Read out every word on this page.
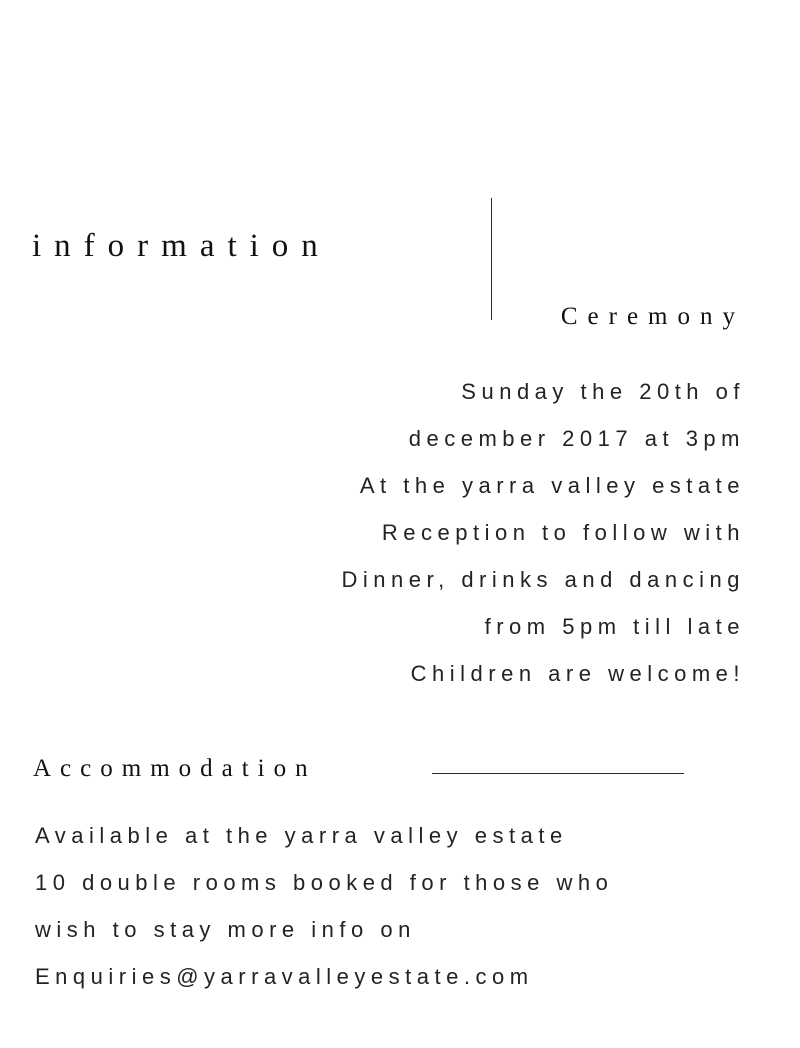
information
Ceremony
Sunday the 20th of
december 2017 at 3pm
At the yarra valley estate
Reception to follow with
Dinner, drinks and dancing
from 5pm till late
Children are welcome!
Accommodation
Available at the yarra valley estate
10 double rooms booked for those who
wish to stay more info on
Enquiries@yarravalleyestate.com
